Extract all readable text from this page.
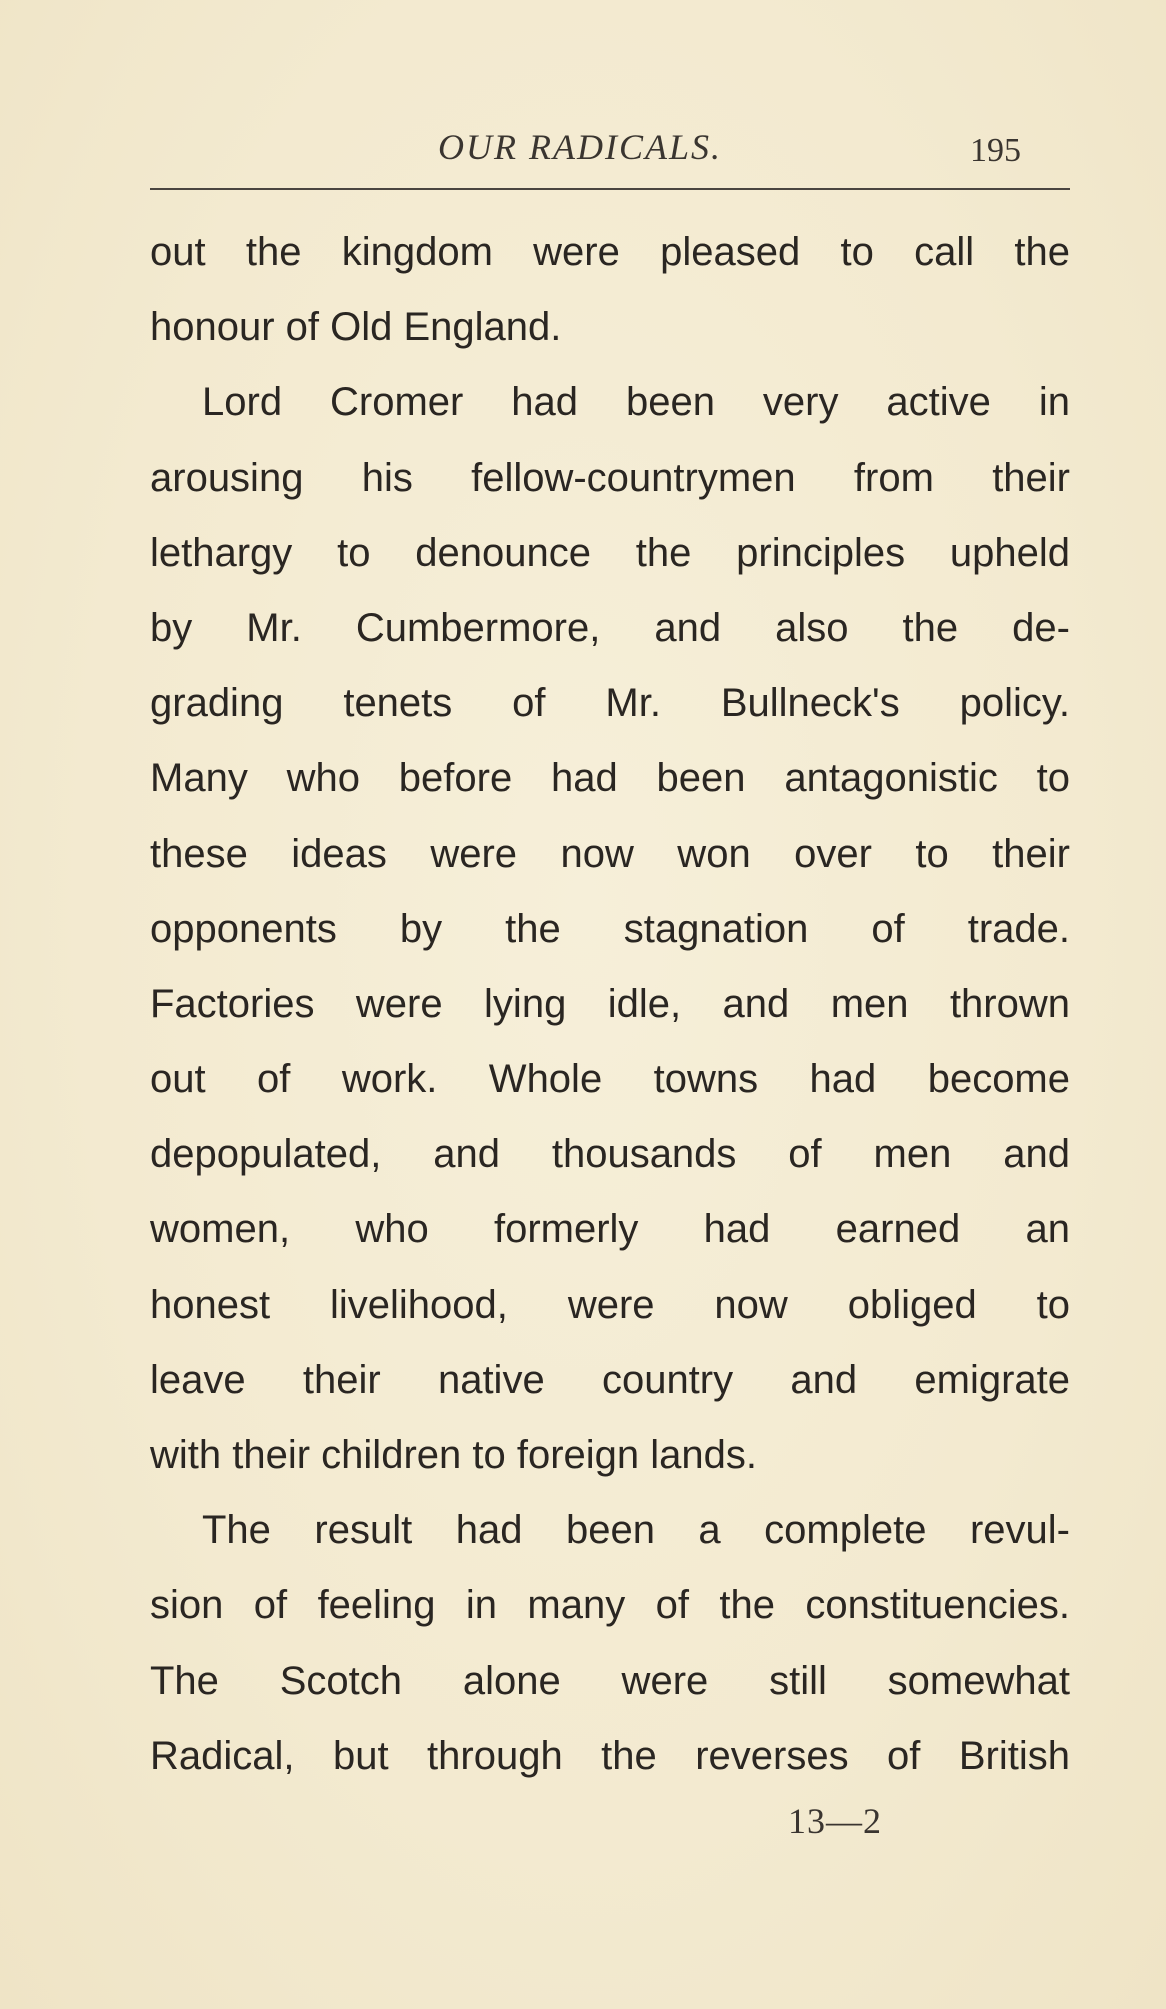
OUR RADICALS.	195
out the kingdom were pleased to call the
honour of Old England.
Lord Cromer had been very active in
arousing his fellow-countrymen from their
lethargy to denounce the principles upheld
by Mr. Cumbermore, and also the de-
grading tenets of Mr. Bullneck's policy.
Many who before had been antagonistic to
these ideas were now won over to their
opponents by the stagnation of trade.
Factories were lying idle, and men thrown
out of work. Whole towns had become
depopulated, and thousands of men and
women, who formerly had earned an
honest livelihood, were now obliged to
leave their native country and emigrate
with their children to foreign lands.
The result had been a complete revul-
sion of feeling in many of the constituencies.
The Scotch alone were still somewhat
Radical, but through the reverses of British
13—2
